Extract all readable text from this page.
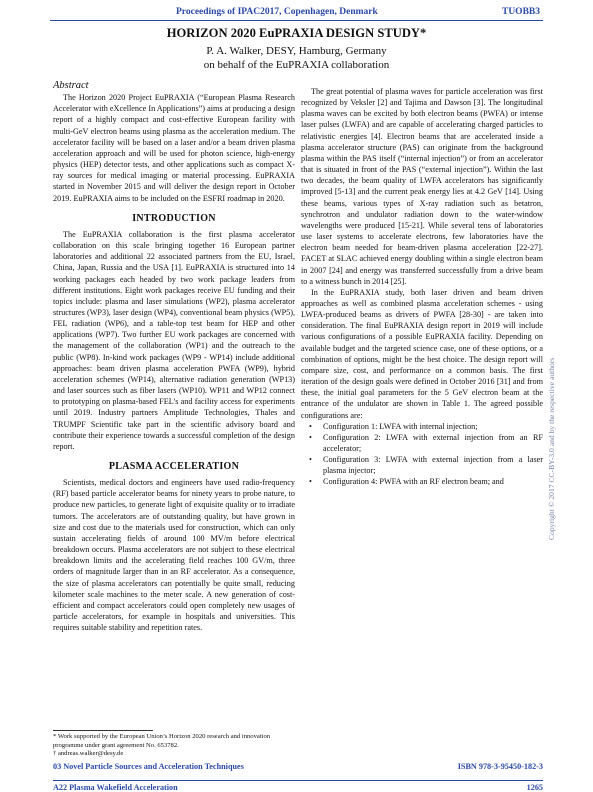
Proceedings of IPAC2017, Copenhagen, Denmark	TUOBB3
HORIZON 2020 EuPRAXIA DESIGN STUDY*
P. A. Walker, DESY, Hamburg, Germany
on behalf of the EuPRAXIA collaboration
Abstract

The Horizon 2020 Project EuPRAXIA (“European Plasma Research Accelerator with eXcellence In Applications”) aims at producing a design report of a highly compact and cost-effective European facility with multi-GeV electron beams using plasma as the acceleration medium. The accelerator facility will be based on a laser and/or a beam driven plasma acceleration approach and will be used for photon science, high-energy physics (HEP) detector tests, and other applications such as compact X-ray sources for medical imaging or material processing. EuPRAXIA started in November 2015 and will deliver the design report in October 2019. EuPRAXIA aims to be included on the ESFRI roadmap in 2020.

INTRODUCTION

The EuPRAXIA collaboration is the first plasma accelerator collaboration on this scale bringing together 16 European partner laboratories and additional 22 associated partners from the EU, Israel, China, Japan, Russia and the USA [1]. EuPRAXIA is structured into 14 working packages each headed by two work package leaders from different institutions. Eight work packages receive EU funding and their topics include: plasma and laser simulations (WP2), plasma accelerator structures (WP3), laser design (WP4), conventional beam physics (WP5), FEL radiation (WP6), and a table-top test beam for HEP and other applications (WP7). Two further EU work packages are concerned with the management of the collaboration (WP1) and the outreach to the public (WP8). In-kind work packages (WP9 - WP14) include additional approaches: beam driven plasma acceleration PWFA (WP9), hybrid acceleration schemes (WP14), alternative radiation generation (WP13) and laser sources such as fiber lasers (WP10). WP11 and WP12 connect to prototyping on plasma-based FEL’s and facility access for experiments until 2019. Industry partners Amplitude Technologies, Thales and TRUMPF Scientific take part in the scientific advisory board and contribute their experience towards a successful completion of the design report.

PLASMA ACCELERATION

Scientists, medical doctors and engineers have used radio-frequency (RF) based particle accelerator beams for ninety years to probe nature, to produce new particles, to generate light of exquisite quality or to irradiate tumors. The accelerators are of outstanding quality, but have grown in size and cost due to the materials used for construction, which can only sustain accelerating fields of around 100 MV/m before electrical breakdown occurs. Plasma accelerators are not subject to these electrical breakdown limits and the accelerating field reaches 100 GV/m, three orders of magnitude larger than in an RF accelerator. As a consequence, the size of plasma accelerators can potentially be quite small, reducing kilometer scale machines to the meter scale. A new generation of cost-efficient and compact accelerators could open completely new usages of particle accelerators, for example in hospitals and universities. This requires suitable stability and repetition rates.

The great potential of plasma waves for particle acceleration was first recognized by Veksler [2] and Tajima and Dawson [3]. The longitudinal plasma waves can be excited by both electron beams (PWFA) or intense laser pulses (LWFA) and are capable of accelerating charged particles to relativistic energies [4]. Electron beams that are accelerated inside a plasma accelerator structure (PAS) can originate from the background plasma within the PAS itself (“internal injection”) or from an accelerator that is situated in front of the PAS (“external injection”). Within the last two decades, the beam quality of LWFA accelerators has significantly improved [5-13] and the current peak energy lies at 4.2 GeV [14]. Using these beams, various types of X-ray radiation such as betatron, synchrotron and undulator radiation down to the water-window wavelengths were produced [15-21]. While several tens of laboratories use laser systems to accelerate electrons, few laboratories have the electron beam needed for beam-driven plasma acceleration [22-27]. FACET at SLAC achieved energy doubling within a single electron beam in 2007 [24] and energy was transferred successfully from a drive beam to a witness bunch in 2014 [25].

In the EuPRAXIA study, both laser driven and beam driven approaches as well as combined plasma acceleration schemes - using LWFA-produced beams as drivers of PWFA [28-30] - are taken into consideration. The final EuPRAXIA design report in 2019 will include various configurations of a possible EuPRAXIA facility. Depending on available budget and the targeted science case, one of these options, or a combination of options, might be the best choice. The design report will compare size, cost, and performance on a common basis. The first iteration of the design goals were defined in October 2016 [31] and from these, the initial goal parameters for the 5 GeV electron beam at the entrance of the undulator are shown in Table 1. The agreed possible configurations are:

• Configuration 1: LWFA with internal injection;
• Configuration 2: LWFA with external injection from an RF accelerator;
• Configuration 3: LWFA with external injection from a laser plasma injector;
• Configuration 4: PWFA with an RF electron beam; and
* Work supported by the European Union’s Horizon 2020 research and innovation programme under grant agreement No. 653782.
† andreas.walker@desy.de
03 Novel Particle Sources and Acceleration Techniques	ISBN 978-3-95450-182-3
A22 Plasma Wakefield Acceleration	1265
Copyright © 2017 CC-BY-3.0 and by the respective authors
